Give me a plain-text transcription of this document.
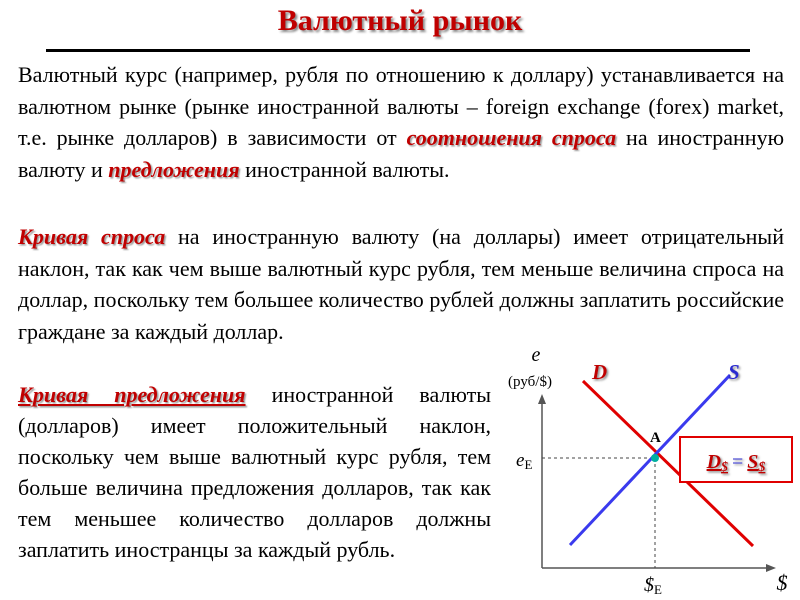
Валютный рынок

Валютный курс (например, рубля по отношению к доллару) устанавливается на валютном рынке (рынке иностранной валюты – foreign exchange (forex) market, т.е. рынке долларов) в зависимости от соотношения спроса на иностранную валюту и предложения иностранной валюты.

Кривая спроса на иностранную валюту (на доллары) имеет отрицательный наклон, так как чем выше валютный курс рубля, тем меньше величина спроса на доллар, поскольку тем большее количество рублей должны заплатить российские граждане за каждый доллар.

Кривая предложения иностранной валюты (долларов) имеет положительный наклон, поскольку чем выше валютный курс рубля, тем больше величина предложения долларов, так как тем меньшее количество долларов должны заплатить иностранцы за каждый рубль.

e
(руб/$)
$
D	S
A
eE
$E
D$ = S$
